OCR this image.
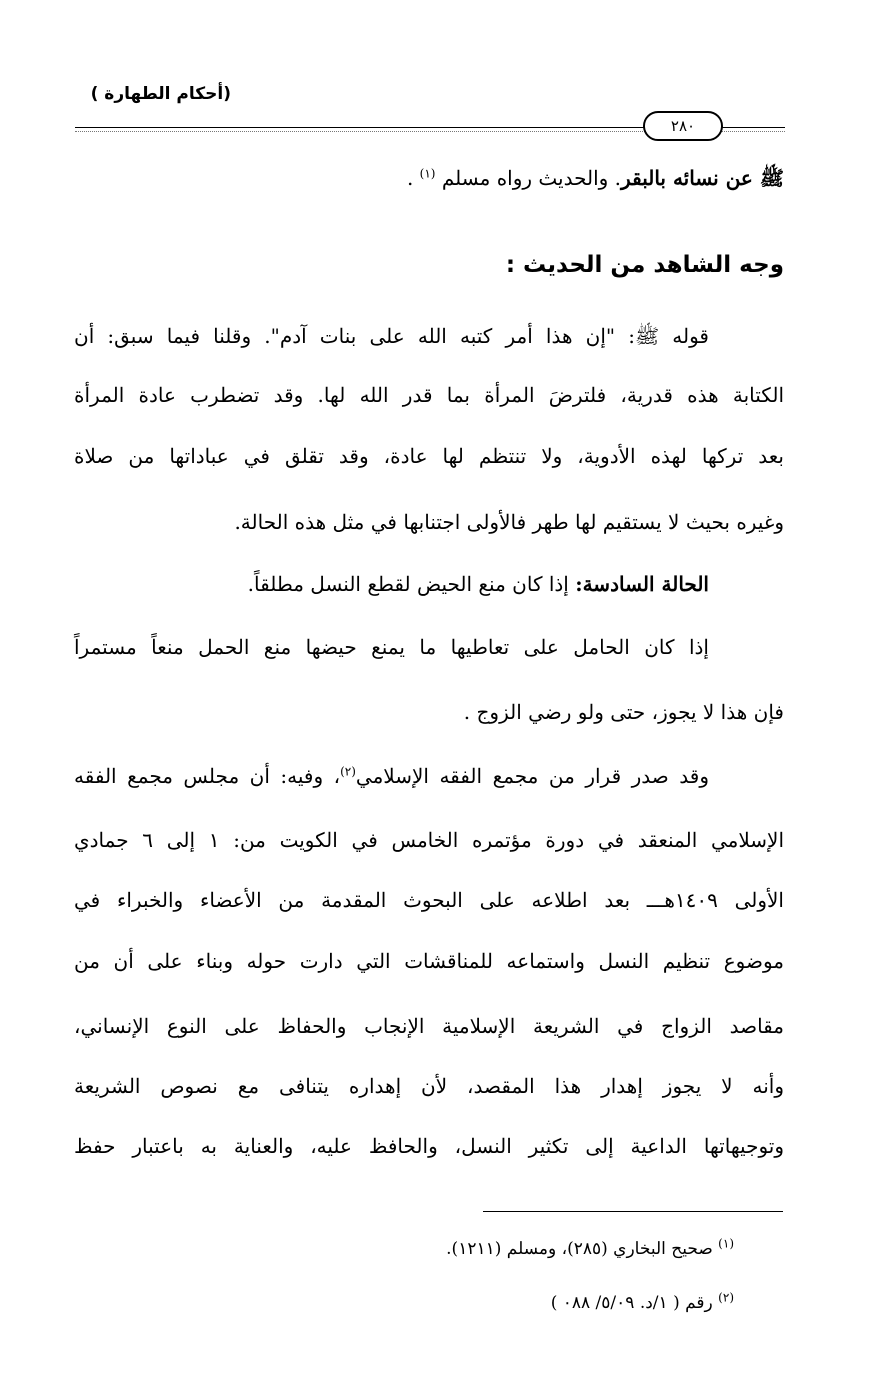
(أحكام الطهارة )
٢٨٠

ﷺ عن نسائه بالبقر. والحديث رواه مسلم $^{(١)}$ .

وجه الشاهد من الحديث :

قوله ﷺ: "إن هذا أمر كتبه الله على بنات آدم". وقلنا فيما سبق: أن

الكتابة هذه قدرية، فلترضَ المرأة بما قدر الله لها. وقد تضطرب عادة المرأة

بعد تركها لهذه الأدوية، ولا تنتظم لها عادة، وقد تقلق في عباداتها من صلاة

وغيره بحيث لا يستقيم لها طهر فالأولى اجتنابها في مثل هذه الحالة.

الحالة السادسة: إذا كان منع الحيض لقطع النسل مطلقاً.

إذا كان الحامل على تعاطيها ما يمنع حيضها منع الحمل منعاً مستمراً

فإن هذا لا يجوز، حتى ولو رضي الزوج .

وقد صدر قرار من مجمع الفقه الإسلامي$^{(٢)}$، وفيه: أن مجلس مجمع الفقه

الإسلامي المنعقد في دورة مؤتمره الخامس في الكويت من: ١ إلى ٦ جمادي

الأولى ١٤٠٩هـــ بعد اطلاعه على البحوث المقدمة من الأعضاء والخبراء في

موضوع تنظيم النسل واستماعه للمناقشات التي دارت حوله وبناء على أن من

مقاصد الزواج في الشريعة الإسلامية الإنجاب والحفاظ على النوع الإنساني،

وأنه لا يجوز إهدار هذا المقصد، لأن إهداره يتنافى مع نصوص الشريعة

وتوجيهاتها الداعية إلى تكثير النسل، والحافظ عليه، والعناية به باعتبار حفظ

$^{(١)}$ صحيح البخاري (٢٨٥)، ومسلم (١٢١١).

$^{(٢)}$ رقم ( ١/د. ٥/٠٩/ ٠٨٨ )
